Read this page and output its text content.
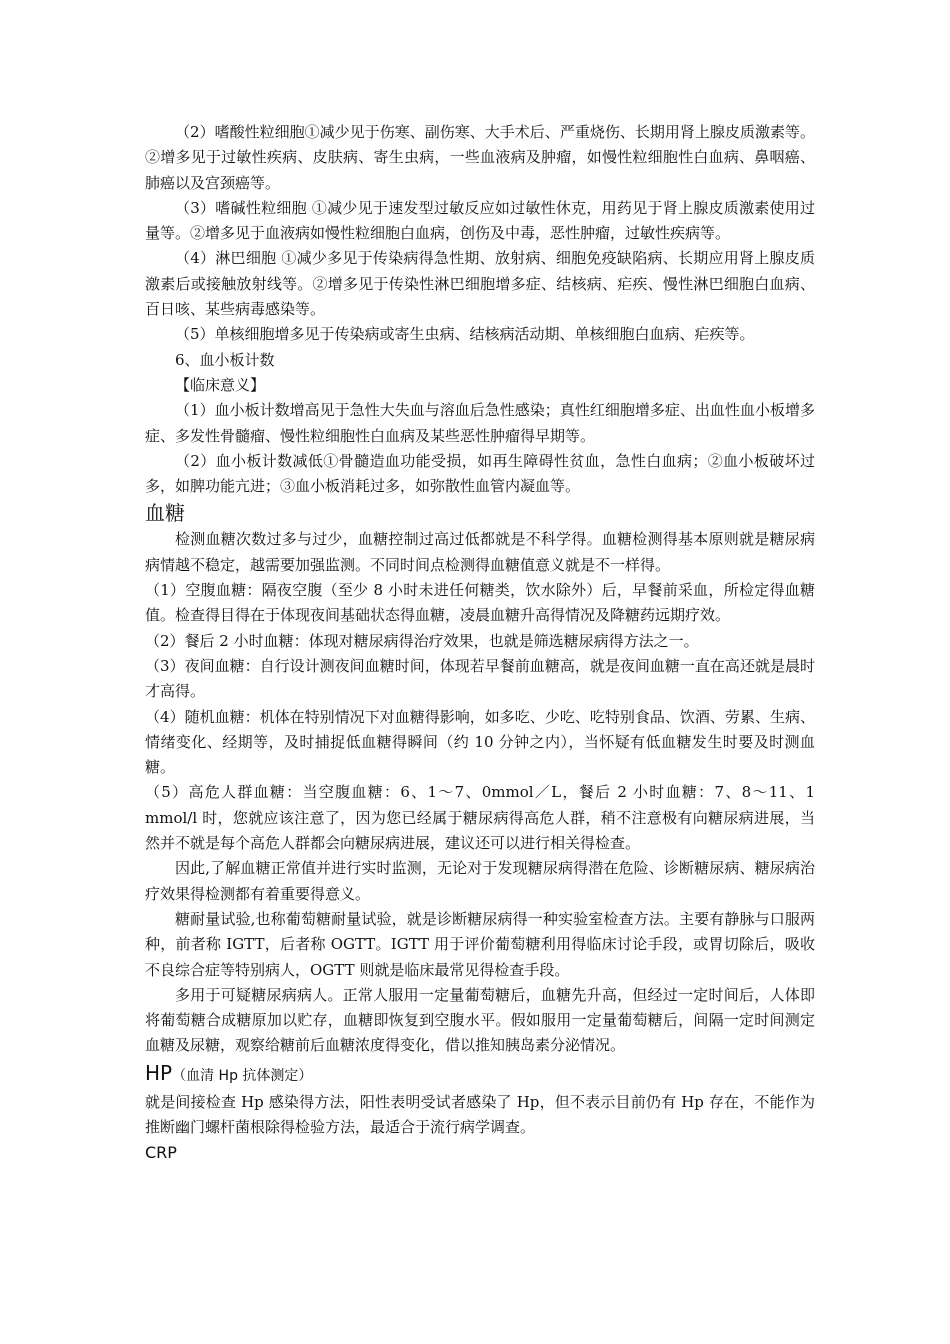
（2）嗜酸性粒细胞①减少见于伤寒、副伤寒、大手术后、严重烧伤、长期用肾上腺皮质激素等。②增多见于过敏性疾病、皮肤病、寄生虫病，一些血液病及肿瘤，如慢性粒细胞性白血病、鼻咽癌、肺癌以及宫颈癌等。

（3）嗜碱性粒细胞 ①减少见于速发型过敏反应如过敏性休克，用药见于肾上腺皮质激素使用过量等。②增多见于血液病如慢性粒细胞白血病，创伤及中毒，恶性肿瘤，过敏性疾病等。

（4）淋巴细胞 ①减少多见于传染病得急性期、放射病、细胞免疫缺陷病、长期应用肾上腺皮质激素后或接触放射线等。②增多见于传染性淋巴细胞增多症、结核病、疟疾、慢性淋巴细胞白血病、百日咳、某些病毒感染等。

（5）单核细胞增多见于传染病或寄生虫病、结核病活动期、单核细胞白血病、疟疾等。

6、血小板计数

【临床意义】

（1）血小板计数增高见于急性大失血与溶血后急性感染；真性红细胞增多症、出血性血小板增多症、多发性骨髓瘤、慢性粒细胞性白血病及某些恶性肿瘤得早期等。

（2）血小板计数减低①骨髓造血功能受损，如再生障碍性贫血，急性白血病；②血小板破坏过多，如脾功能亢进；③血小板消耗过多，如弥散性血管内凝血等。

血糖

检测血糖次数过多与过少，血糖控制过高过低都就是不科学得。血糖检测得基本原则就是糖尿病病情越不稳定，越需要加强监测。不同时间点检测得血糖值意义就是不一样得。

（1）空腹血糖：隔夜空腹（至少 8 小时未进任何糖类，饮水除外）后，早餐前采血，所检定得血糖值。检查得目得在于体现夜间基础状态得血糖，凌晨血糖升高得情况及降糖药远期疗效。

（2）餐后 2 小时血糖：体现对糖尿病得治疗效果，也就是筛选糖尿病得方法之一。

（3）夜间血糖：自行设计测夜间血糖时间，体现若早餐前血糖高，就是夜间血糖一直在高还就是晨时才高得。

（4）随机血糖：机体在特别情况下对血糖得影响，如多吃、少吃、吃特别食品、饮酒、劳累、生病、情绪变化、经期等，及时捕捉低血糖得瞬间（约 10 分钟之内），当怀疑有低血糖发生时要及时测血糖。

（5）高危人群血糖：当空腹血糖：6、1～7、0mmol／L，餐后 2 小时血糖：7、8～11、1 mmol/l 时，您就应该注意了，因为您已经属于糖尿病得高危人群，稍不注意极有向糖尿病进展，当然并不就是每个高危人群都会向糖尿病进展，建议还可以进行相关得检查。

因此,了解血糖正常值并进行实时监测，无论对于发现糖尿病得潜在危险、诊断糖尿病、糖尿病治疗效果得检测都有着重要得意义。

糖耐量试验,也称葡萄糖耐量试验，就是诊断糖尿病得一种实验室检查方法。主要有静脉与口服两种，前者称 IGTT，后者称 OGTT。IGTT 用于评价葡萄糖利用得临床讨论手段，或胃切除后，吸收不良综合症等特别病人，OGTT 则就是临床最常见得检查手段。

多用于可疑糖尿病病人。正常人服用一定量葡萄糖后，血糖先升高，但经过一定时间后，人体即将葡萄糖合成糖原加以贮存，血糖即恢复到空腹水平。假如服用一定量葡萄糖后，间隔一定时间测定血糖及尿糖，观察给糖前后血糖浓度得变化，借以推知胰岛素分泌情况。

HP（血清 Hp 抗体测定）

就是间接检查 Hp 感染得方法，阳性表明受试者感染了 Hp，但不表示目前仍有 Hp 存在，不能作为推断幽门螺杆菌根除得检验方法，最适合于流行病学调查。

CRP
